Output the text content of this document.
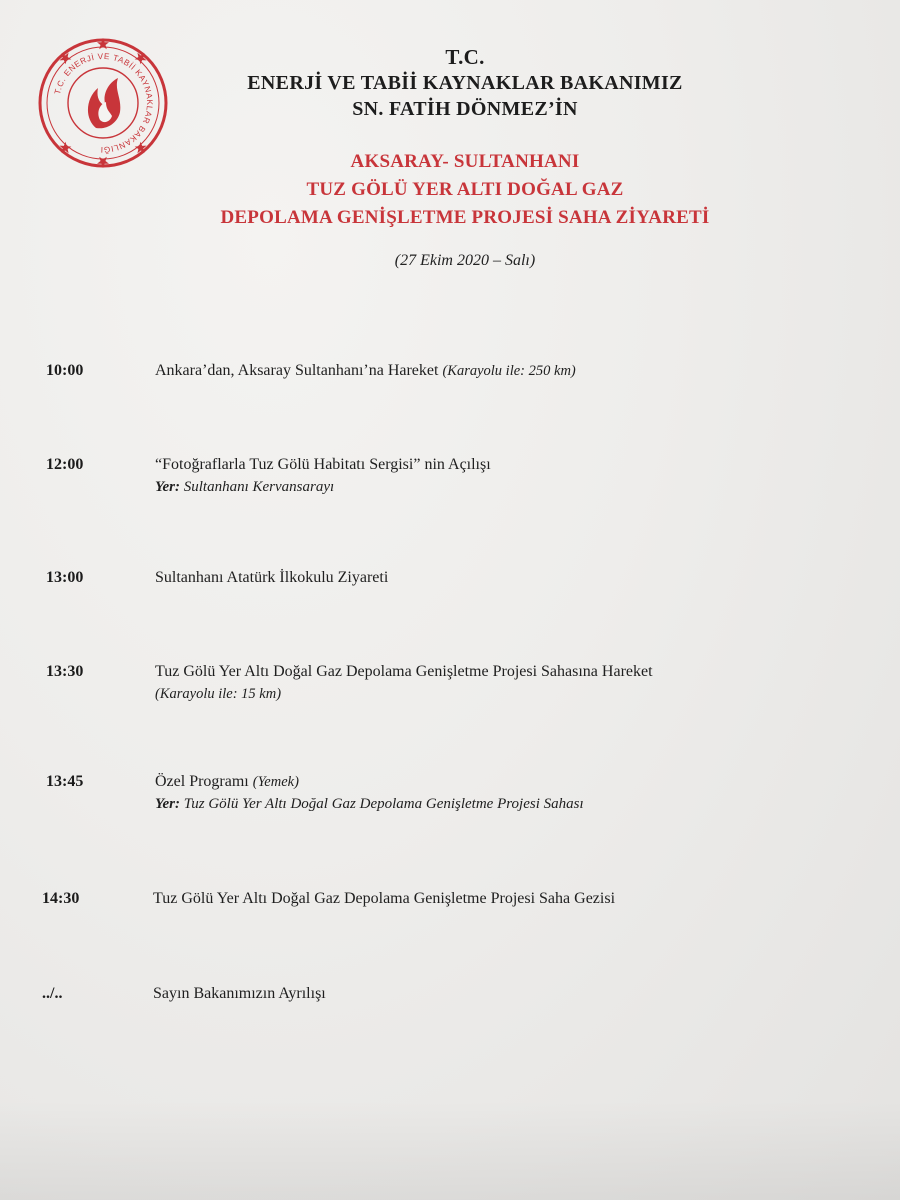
T.C. ENERJİ VE TABİİ KAYNAKLAR BAKANLIĞI
T.C.
ENERJİ VE TABİİ KAYNAKLAR BAKANIMIZ
SN. FATİH DÖNMEZ’İN
AKSARAY- SULTANHANI
TUZ GÖLÜ YER ALTI DOĞAL GAZ
DEPOLAMA GENİŞLETME PROJESİ SAHA ZİYARETİ
(27 Ekim 2020 – Salı)
10:00	Ankara’dan, Aksaray Sultanhanı’na Hareket (Karayolu ile: 250 km)
12:00	“Fotoğraflarla Tuz Gölü Habitatı Sergisi” nin Açılışı
Yer: Sultanhanı Kervansarayı
13:00	Sultanhanı Atatürk İlkokulu Ziyareti
13:30	Tuz Gölü Yer Altı Doğal Gaz Depolama Genişletme Projesi Sahasına Hareket
(Karayolu ile: 15 km)
13:45	Özel Programı (Yemek)
Yer: Tuz Gölü Yer Altı Doğal Gaz Depolama Genişletme Projesi Sahası
14:30	Tuz Gölü Yer Altı Doğal Gaz Depolama Genişletme Projesi Saha Gezisi
../..	Sayın Bakanımızın Ayrılışı
